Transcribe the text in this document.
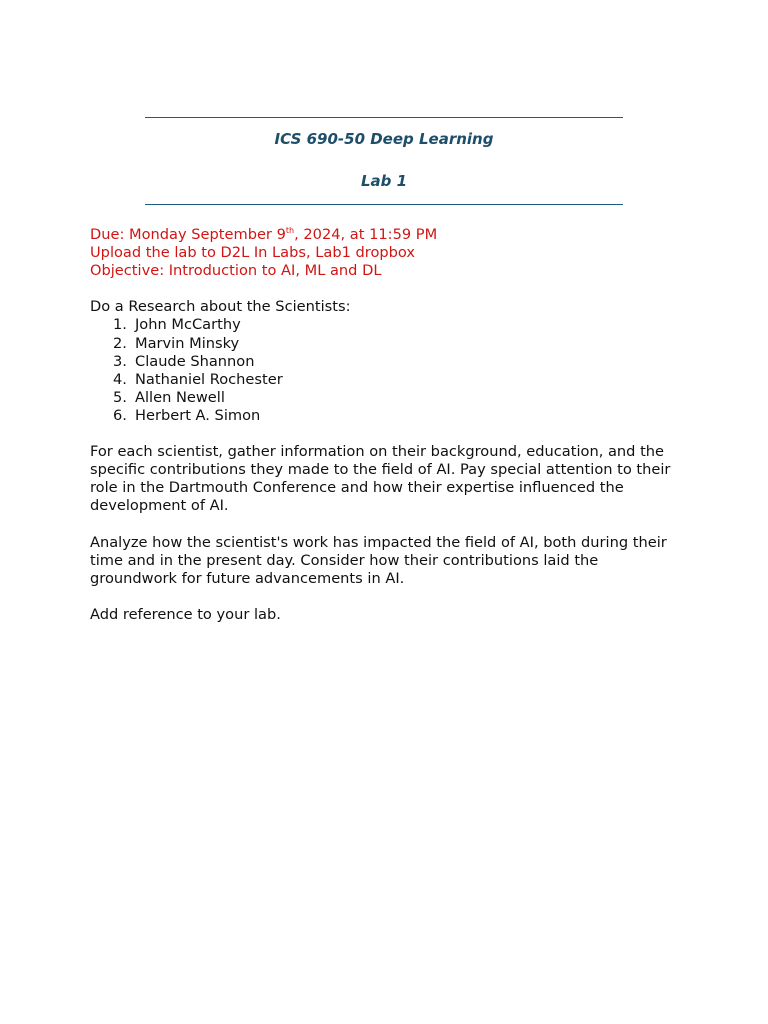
ICS 690-50 Deep Learning
Lab 1
Due: Monday September 9th, 2024, at 11:59 PM
Upload the lab to D2L In Labs, Lab1 dropbox
Objective: Introduction to AI, ML and DL
Do a Research about the Scientists:
1. John McCarthy
2. Marvin Minsky
3. Claude Shannon
4. Nathaniel Rochester
5. Allen Newell
6. Herbert A. Simon

For each scientist, gather information on their background, education, and the specific contributions they made to the field of AI. Pay special attention to their role in the Dartmouth Conference and how their expertise influenced the development of AI.

Analyze how the scientist's work has impacted the field of AI, both during their time and in the present day. Consider how their contributions laid the groundwork for future advancements in AI.

Add reference to your lab.
